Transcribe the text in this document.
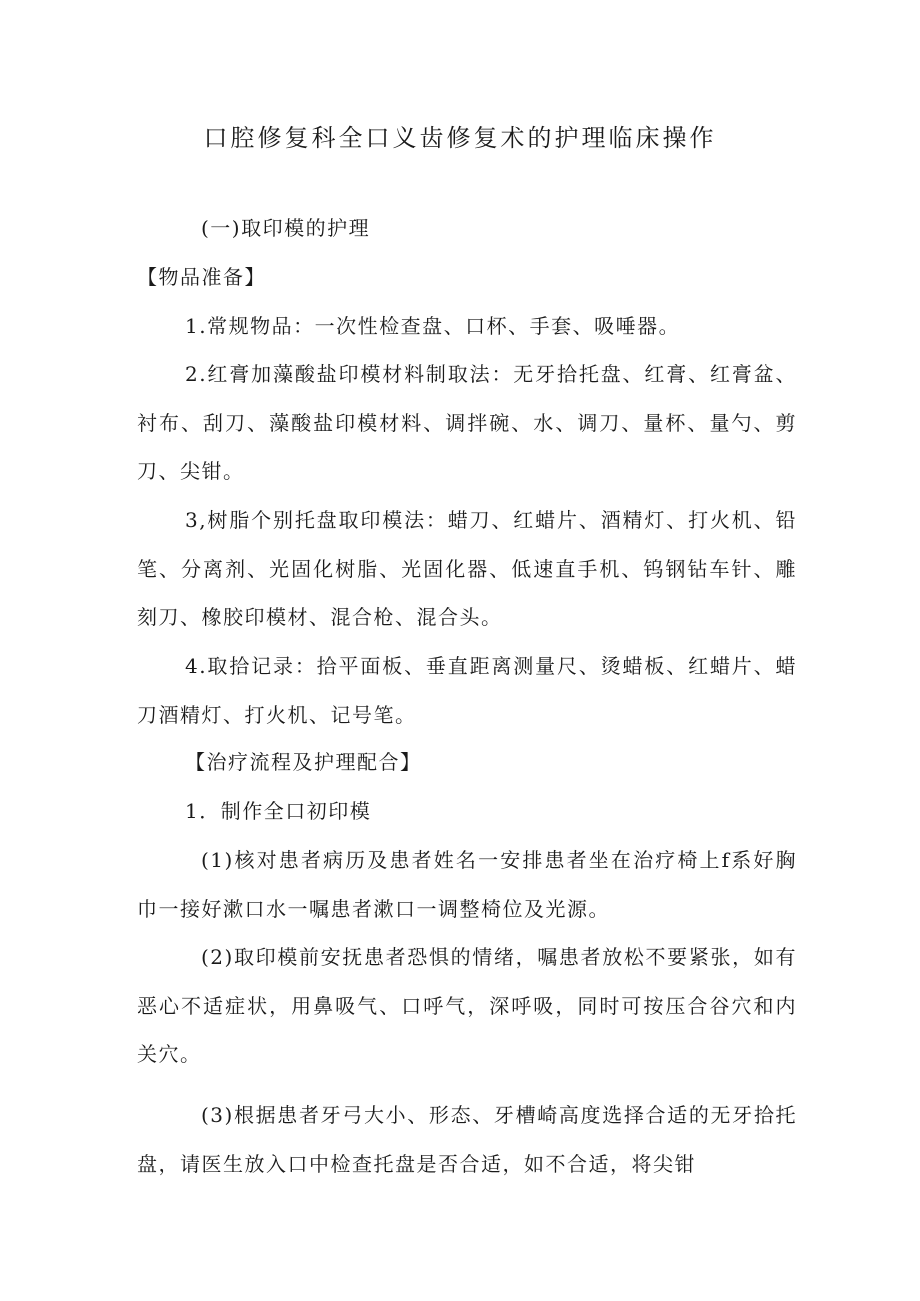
口腔修复科全口义齿修复术的护理临床操作
(一)取印模的护理
【物品准备】
1.常规物品：一次性检查盘、口杯、手套、吸唾器。
2.红膏加藻酸盐印模材料制取法：无牙拾托盘、红膏、红膏盆、衬布、刮刀、藻酸盐印模材料、调拌碗、水、调刀、量杯、量勺、剪刀、尖钳。
3,树脂个别托盘取印模法：蜡刀、红蜡片、酒精灯、打火机、铅笔、分离剂、光固化树脂、光固化器、低速直手机、钨钢钻车针、雕刻刀、橡胶印模材、混合枪、混合头。
4.取拾记录：拾平面板、垂直距离测量尺、烫蜡板、红蜡片、蜡刀酒精灯、打火机、记号笔。
【治疗流程及护理配合】
1．制作全口初印模
(1)核对患者病历及患者姓名一安排患者坐在治疗椅上f系好胸巾一接好漱口水一嘱患者漱口一调整椅位及光源。
(2)取印模前安抚患者恐惧的情绪，嘱患者放松不要紧张，如有恶心不适症状，用鼻吸气、口呼气，深呼吸，同时可按压合谷穴和内关穴。
(3)根据患者牙弓大小、形态、牙槽崎高度选择合适的无牙拾托盘，请医生放入口中检查托盘是否合适，如不合适，将尖钳
